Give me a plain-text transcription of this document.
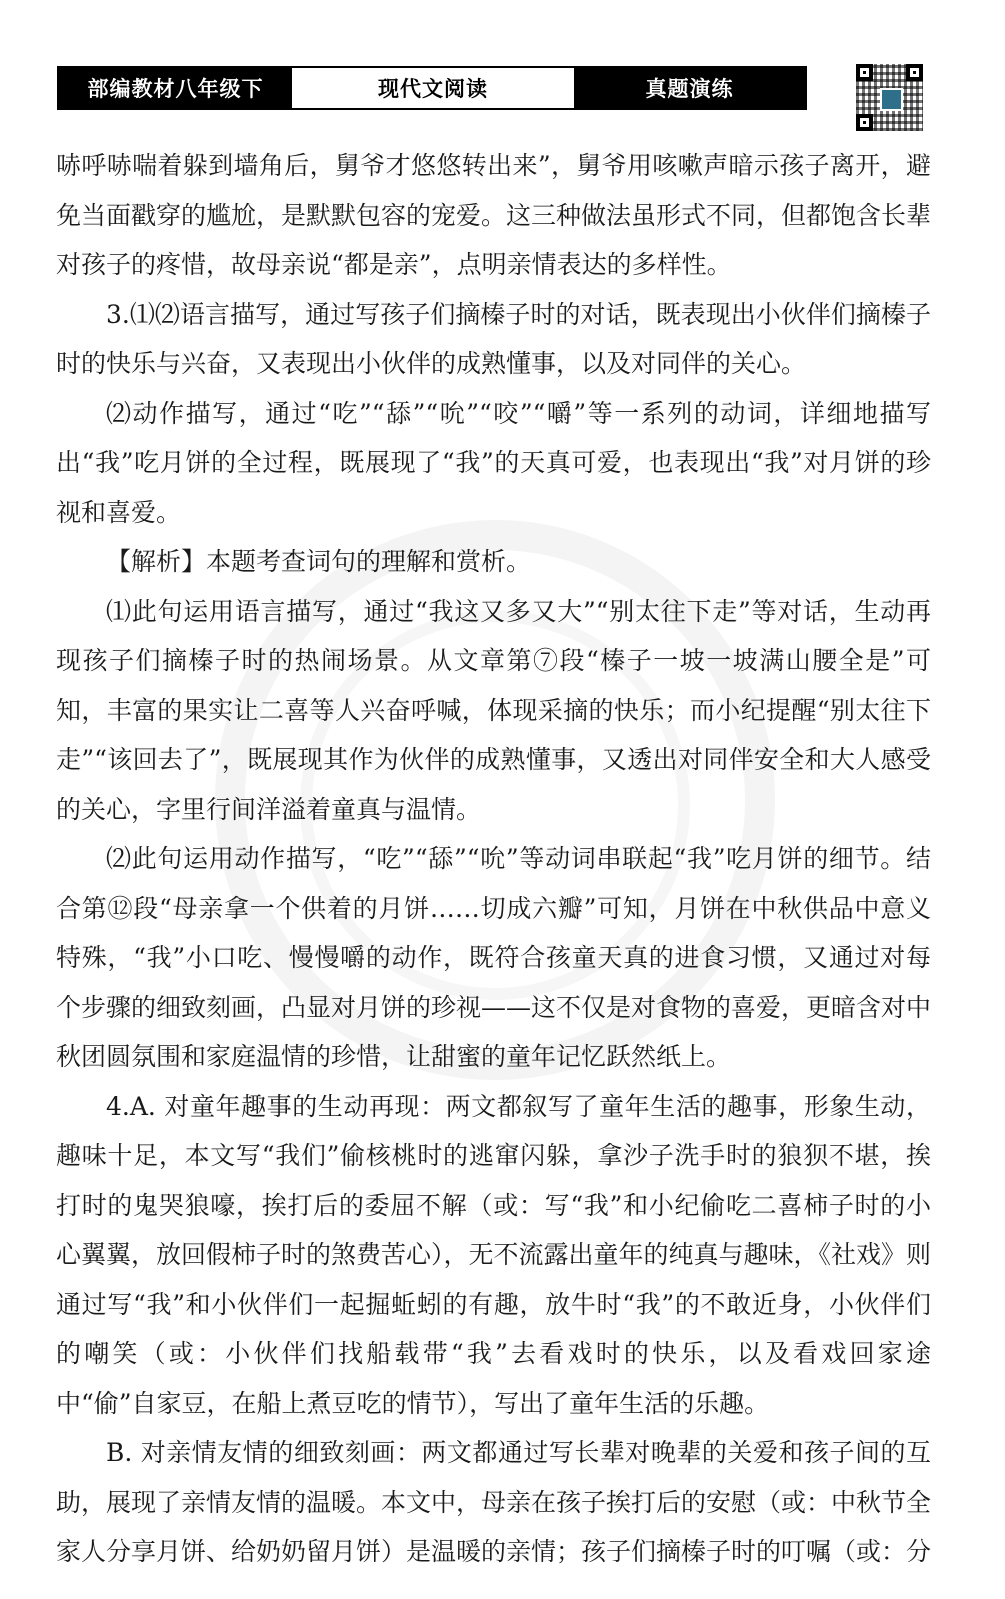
部编教材八年级下	现代文阅读	真题演练

哧呼哧喘着躲到墙角后，舅爷才悠悠转出来”，舅爷用咳嗽声暗示孩子离开，避免当面戳穿的尴尬，是默默包容的宠爱。这三种做法虽形式不同，但都饱含长辈对孩子的疼惜，故母亲说“都是亲”，点明亲情表达的多样性。

3.⑴⑵语言描写，通过写孩子们摘榛子时的对话，既表现出小伙伴们摘榛子时的快乐与兴奋，又表现出小伙伴的成熟懂事，以及对同伴的关心。

⑵动作描写，通过“吃”“舔”“吮”“咬”“嚼”等一系列的动词，详细地描写出“我”吃月饼的全过程，既展现了“我”的天真可爱，也表现出“我”对月饼的珍视和喜爱。

【解析】本题考查词句的理解和赏析。

⑴此句运用语言描写，通过“我这又多又大”“别太往下走”等对话，生动再现孩子们摘榛子时的热闹场景。从文章第⑦段“榛子一坡一坡满山腰全是”可知，丰富的果实让二喜等人兴奋呼喊，体现采摘的快乐；而小纪提醒“别太往下走”“该回去了”，既展现其作为伙伴的成熟懂事，又透出对同伴安全和大人感受的关心，字里行间洋溢着童真与温情。

⑵此句运用动作描写，“吃”“舔”“吮”等动词串联起“我”吃月饼的细节。结合第⑫段“母亲拿一个供着的月饼……切成六瓣”可知，月饼在中秋供品中意义特殊，“我”小口吃、慢慢嚼的动作，既符合孩童天真的进食习惯，又通过对每个步骤的细致刻画，凸显对月饼的珍视——这不仅是对食物的喜爱，更暗含对中秋团圆氛围和家庭温情的珍惜，让甜蜜的童年记忆跃然纸上。

4.A. 对童年趣事的生动再现：两文都叙写了童年生活的趣事，形象生动，趣味十足，本文写“我们”偷核桃时的逃窜闪躲，拿沙子洗手时的狼狈不堪，挨打时的鬼哭狼嚎，挨打后的委屈不解（或：写“我”和小纪偷吃二喜柿子时的小心翼翼，放回假柿子时的煞费苦心），无不流露出童年的纯真与趣味，《社戏》则通过写“我”和小伙伴们一起掘蚯蚓的有趣，放牛时“我”的不敢近身，小伙伴们的嘲笑（或：小伙伴们找船载带“我”去看戏时的快乐，以及看戏回家途中“偷”自家豆，在船上煮豆吃的情节），写出了童年生活的乐趣。

B. 对亲情友情的细致刻画：两文都通过写长辈对晚辈的关爱和孩子间的互助，展现了亲情友情的温暖。本文中，母亲在孩子挨打后的安慰（或：中秋节全家人分享月饼、给奶奶留月饼）是温暖的亲情；孩子们摘榛子时的叮嘱（或：分
